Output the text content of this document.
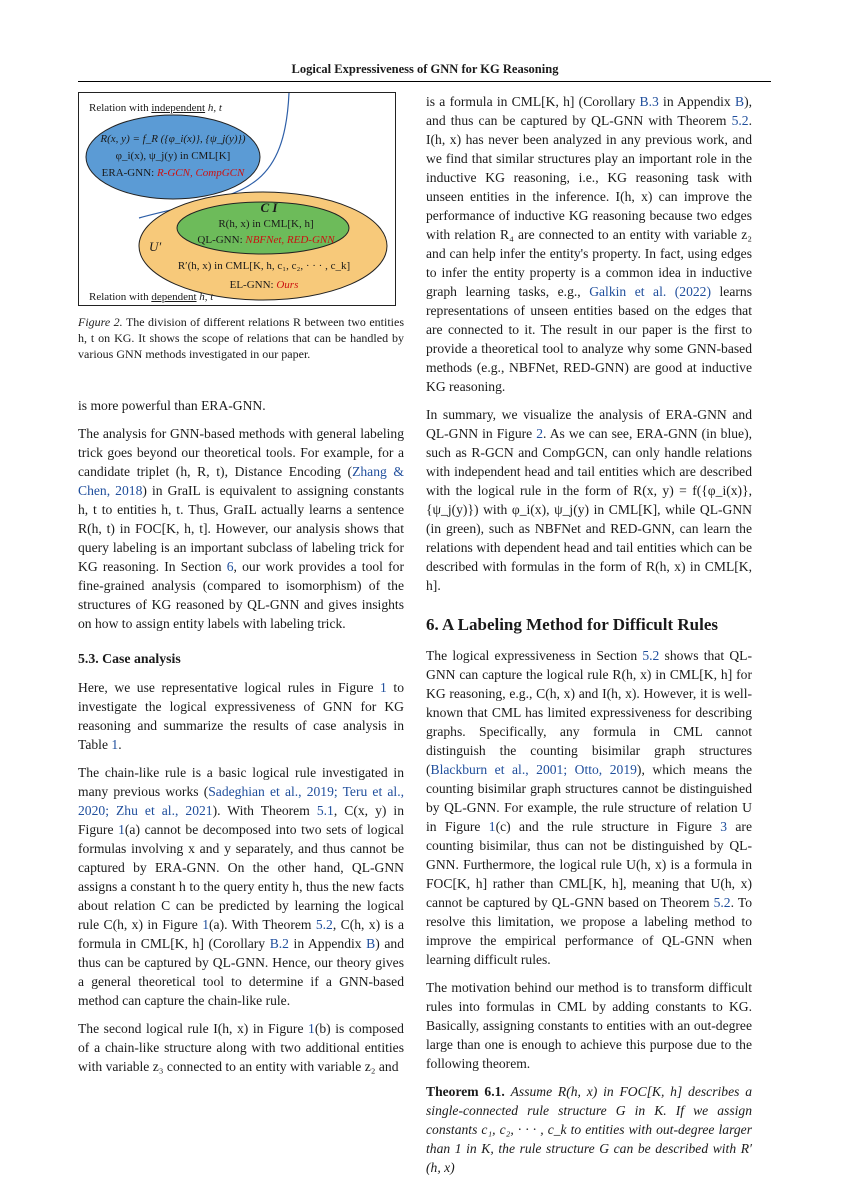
Logical Expressiveness of GNN for KG Reasoning
Relation with independent h, t
R(x, y) = f_R ({φ_i(x)}, {ψ_j(y)})
φ_i(x), ψ_j(y) in CML[K]
ERA-GNN: R-GCN, CompGCN
C I
R(h, x) in CML[K, h]
QL-GNN: NBFNet, RED-GNN
U′
R′(h, x) in CML[K, h, c₁, c₂, · · · , c_k]
EL-GNN: Ours
Relation with dependent h, t
Figure 2. The division of different relations R between two entities h, t on KG. It shows the scope of relations that can be handled by various GNN methods investigated in our paper.

is more powerful than ERA-GNN.

The analysis for GNN-based methods with general labeling trick goes beyond our theoretical tools. For example, for a candidate triplet (h, R, t), Distance Encoding (Zhang & Chen, 2018) in GraIL is equivalent to assigning constants h, t to entities h, t. Thus, GraIL actually learns a sentence R(h, t) in FOC[K, h, t]. However, our analysis shows that query labeling is an important subclass of labeling trick for KG reasoning. In Section 6, our work provides a tool for fine-grained analysis (compared to isomorphism) of the structures of KG reasoned by QL-GNN and gives insights on how to assign entity labels with labeling trick.

5.3. Case analysis

Here, we use representative logical rules in Figure 1 to investigate the logical expressiveness of GNN for KG reasoning and summarize the results of case analysis in Table 1.

The chain-like rule is a basic logical rule investigated in many previous works (Sadeghian et al., 2019; Teru et al., 2020; Zhu et al., 2021). With Theorem 5.1, C(x, y) in Figure 1(a) cannot be decomposed into two sets of logical formulas involving x and y separately, and thus cannot be captured by ERA-GNN. On the other hand, QL-GNN assigns a constant h to the query entity h, thus the new facts about relation C can be predicted by learning the logical rule C(h, x) in Figure 1(a). With Theorem 5.2, C(h, x) is a formula in CML[K, h] (Corollary B.2 in Appendix B) and thus can be captured by QL-GNN. Hence, our theory gives a general theoretical tool to determine if a GNN-based method can capture the chain-like rule.

The second logical rule I(h, x) in Figure 1(b) is composed of a chain-like structure along with two additional entities with variable z₃ connected to an entity with variable z₂ and

is a formula in CML[K, h] (Corollary B.3 in Appendix B), and thus can be captured by QL-GNN with Theorem 5.2. I(h, x) has never been analyzed in any previous work, and we find that similar structures play an important role in the inductive KG reasoning, i.e., KG reasoning task with unseen entities in the inference. I(h, x) can improve the performance of inductive KG reasoning because two edges with relation R₄ are connected to an entity with variable z₂ and can help infer the entity's property. In fact, using edges to infer the entity property is a common idea in inductive graph learning tasks, e.g., Galkin et al. (2022) learns representations of unseen entities based on the edges that are connected to it. The result in our paper is the first to provide a theoretical tool to analyze why some GNN-based methods (e.g., NBFNet, RED-GNN) are good at inductive KG reasoning.

In summary, we visualize the analysis of ERA-GNN and QL-GNN in Figure 2. As we can see, ERA-GNN (in blue), such as R-GCN and CompGCN, can only handle relations with independent head and tail entities which are described with the logical rule in the form of R(x, y) = f({φ_i(x)}, {ψ_j(y)}) with φ_i(x), ψ_j(y) in CML[K], while QL-GNN (in green), such as NBFNet and RED-GNN, can learn the relations with dependent head and tail entities which can be described with formulas in the form of R(h, x) in CML[K, h].

6. A Labeling Method for Difficult Rules

The logical expressiveness in Section 5.2 shows that QL-GNN can capture the logical rule R(h, x) in CML[K, h] for KG reasoning, e.g., C(h, x) and I(h, x). However, it is well-known that CML has limited expressiveness for describing graphs. Specifically, any formula in CML cannot distinguish the counting bisimilar graph structures (Blackburn et al., 2001; Otto, 2019), which means the counting bisimilar graph structures cannot be distinguished by QL-GNN. For example, the rule structure of relation U in Figure 1(c) and the rule structure in Figure 3 are counting bisimilar, thus can not be distinguished by QL-GNN. Furthermore, the logical rule U(h, x) is a formula in FOC[K, h] rather than CML[K, h], meaning that U(h, x) cannot be captured by QL-GNN based on Theorem 5.2. To resolve this limitation, we propose a labeling method to improve the empirical performance of QL-GNN when learning difficult rules.

The motivation behind our method is to transform difficult rules into formulas in CML by adding constants to KG. Basically, assigning constants to entities with an out-degree large than one is enough to achieve this purpose due to the following theorem.

Theorem 6.1. Assume R(h, x) in FOC[K, h] describes a single-connected rule structure G in K. If we assign constants c₁, c₂, · · · , c_k to entities with out-degree larger than 1 in K, the rule structure G can be described with R′(h, x)
